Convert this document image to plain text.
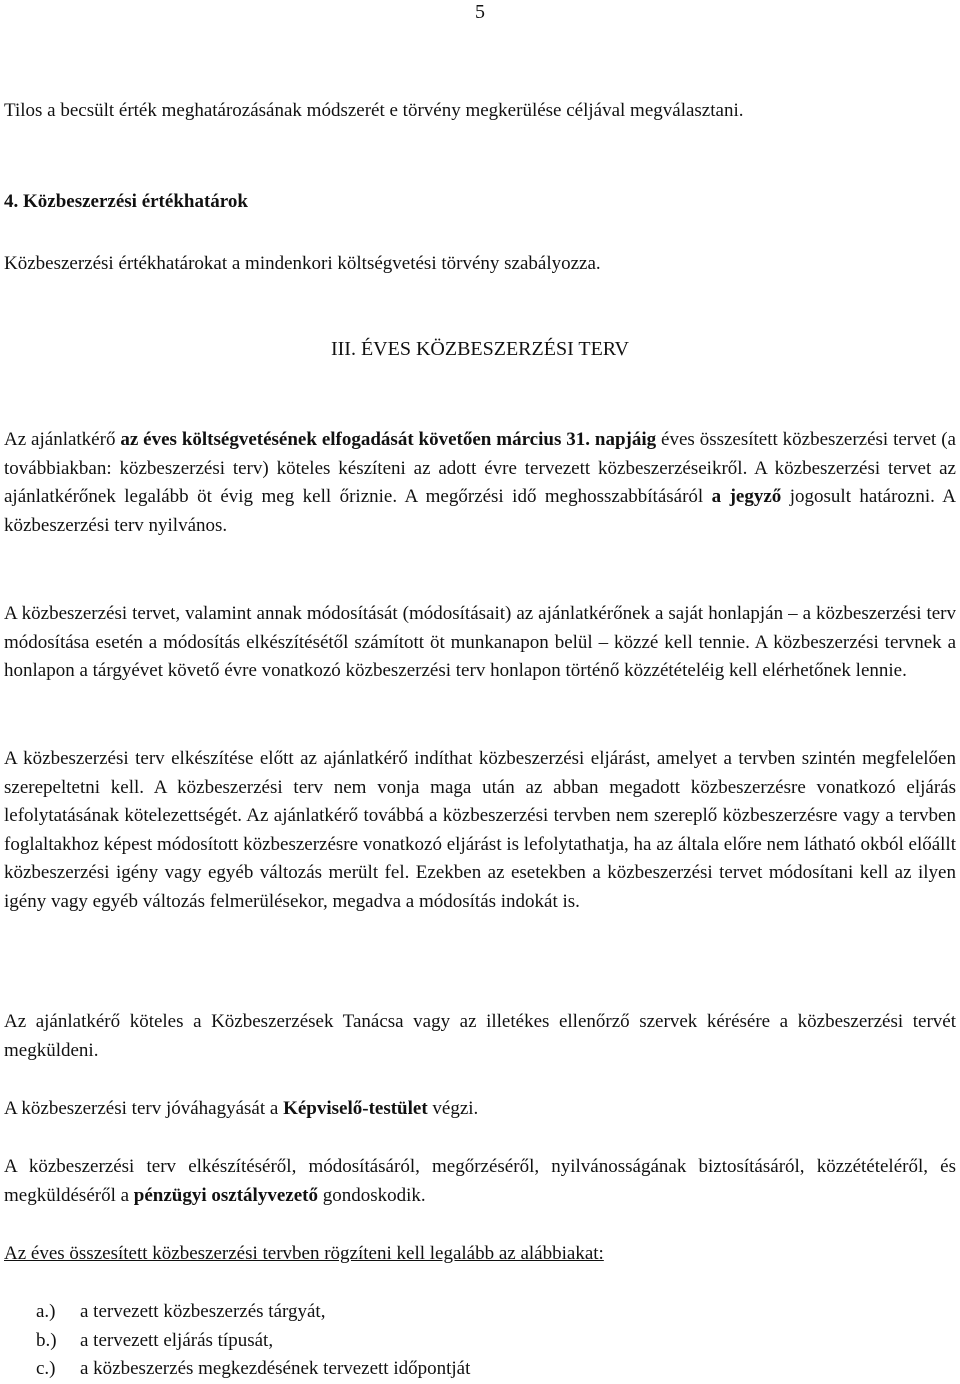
5

Tilos a becsült érték meghatározásának módszerét e törvény megkerülése céljával megválasztani.

4. Közbeszerzési értékhatárok

Közbeszerzési értékhatárokat a mindenkori költségvetési törvény szabályozza.

III. ÉVES KÖZBESZERZÉSI TERV

Az ajánlatkérő az éves költségvetésének elfogadását követően március 31. napjáig éves összesített közbeszerzési tervet (a továbbiakban: közbeszerzési terv) köteles készíteni az adott évre tervezett közbeszerzéseikről. A közbeszerzési tervet az ajánlatkérőnek legalább öt évig meg kell őriznie. A megőrzési idő meghosszabbításáról a jegyző jogosult határozni. A közbeszerzési terv nyilvános.

A közbeszerzési tervet, valamint annak módosítását (módosításait) az ajánlatkérőnek a saját honlapján – a közbeszerzési terv módosítása esetén a módosítás elkészítésétől számított öt munkanapon belül – közzé kell tennie. A közbeszerzési tervnek a honlapon a tárgyévet követő évre vonatkozó közbeszerzési terv honlapon történő közzétételéig kell elérhetőnek lennie.

A közbeszerzési terv elkészítése előtt az ajánlatkérő indíthat közbeszerzési eljárást, amelyet a tervben szintén megfelelően szerepeltetni kell. A közbeszerzési terv nem vonja maga után az abban megadott közbeszerzésre vonatkozó eljárás lefolytatásának kötelezettségét. Az ajánlatkérő továbbá a közbeszerzési tervben nem szereplő közbeszerzésre vagy a tervben foglaltakhoz képest módosított közbeszerzésre vonatkozó eljárást is lefolytathatja, ha az általa előre nem látható okból előállt közbeszerzési igény vagy egyéb változás merült fel. Ezekben az esetekben a közbeszerzési tervet módosítani kell az ilyen igény vagy egyéb változás felmerülésekor, megadva a módosítás indokát is.

Az ajánlatkérő köteles a Közbeszerzések Tanácsa vagy az illetékes ellenőrző szervek kérésére a közbeszerzési tervét megküldeni.

A közbeszerzési terv jóváhagyását a Képviselő-testület végzi.

A közbeszerzési terv elkészítéséről, módosításáról, megőrzéséről, nyilvánosságának biztosításáról, közzétételéről, és megküldéséről a pénzügyi osztályvezető gondoskodik.

Az éves összesített közbeszerzési tervben rögzíteni kell legalább az alábbiakat:

a.) a tervezett közbeszerzés tárgyát,
b.) a tervezett eljárás típusát,
c.) a közbeszerzés megkezdésének tervezett időpontját
